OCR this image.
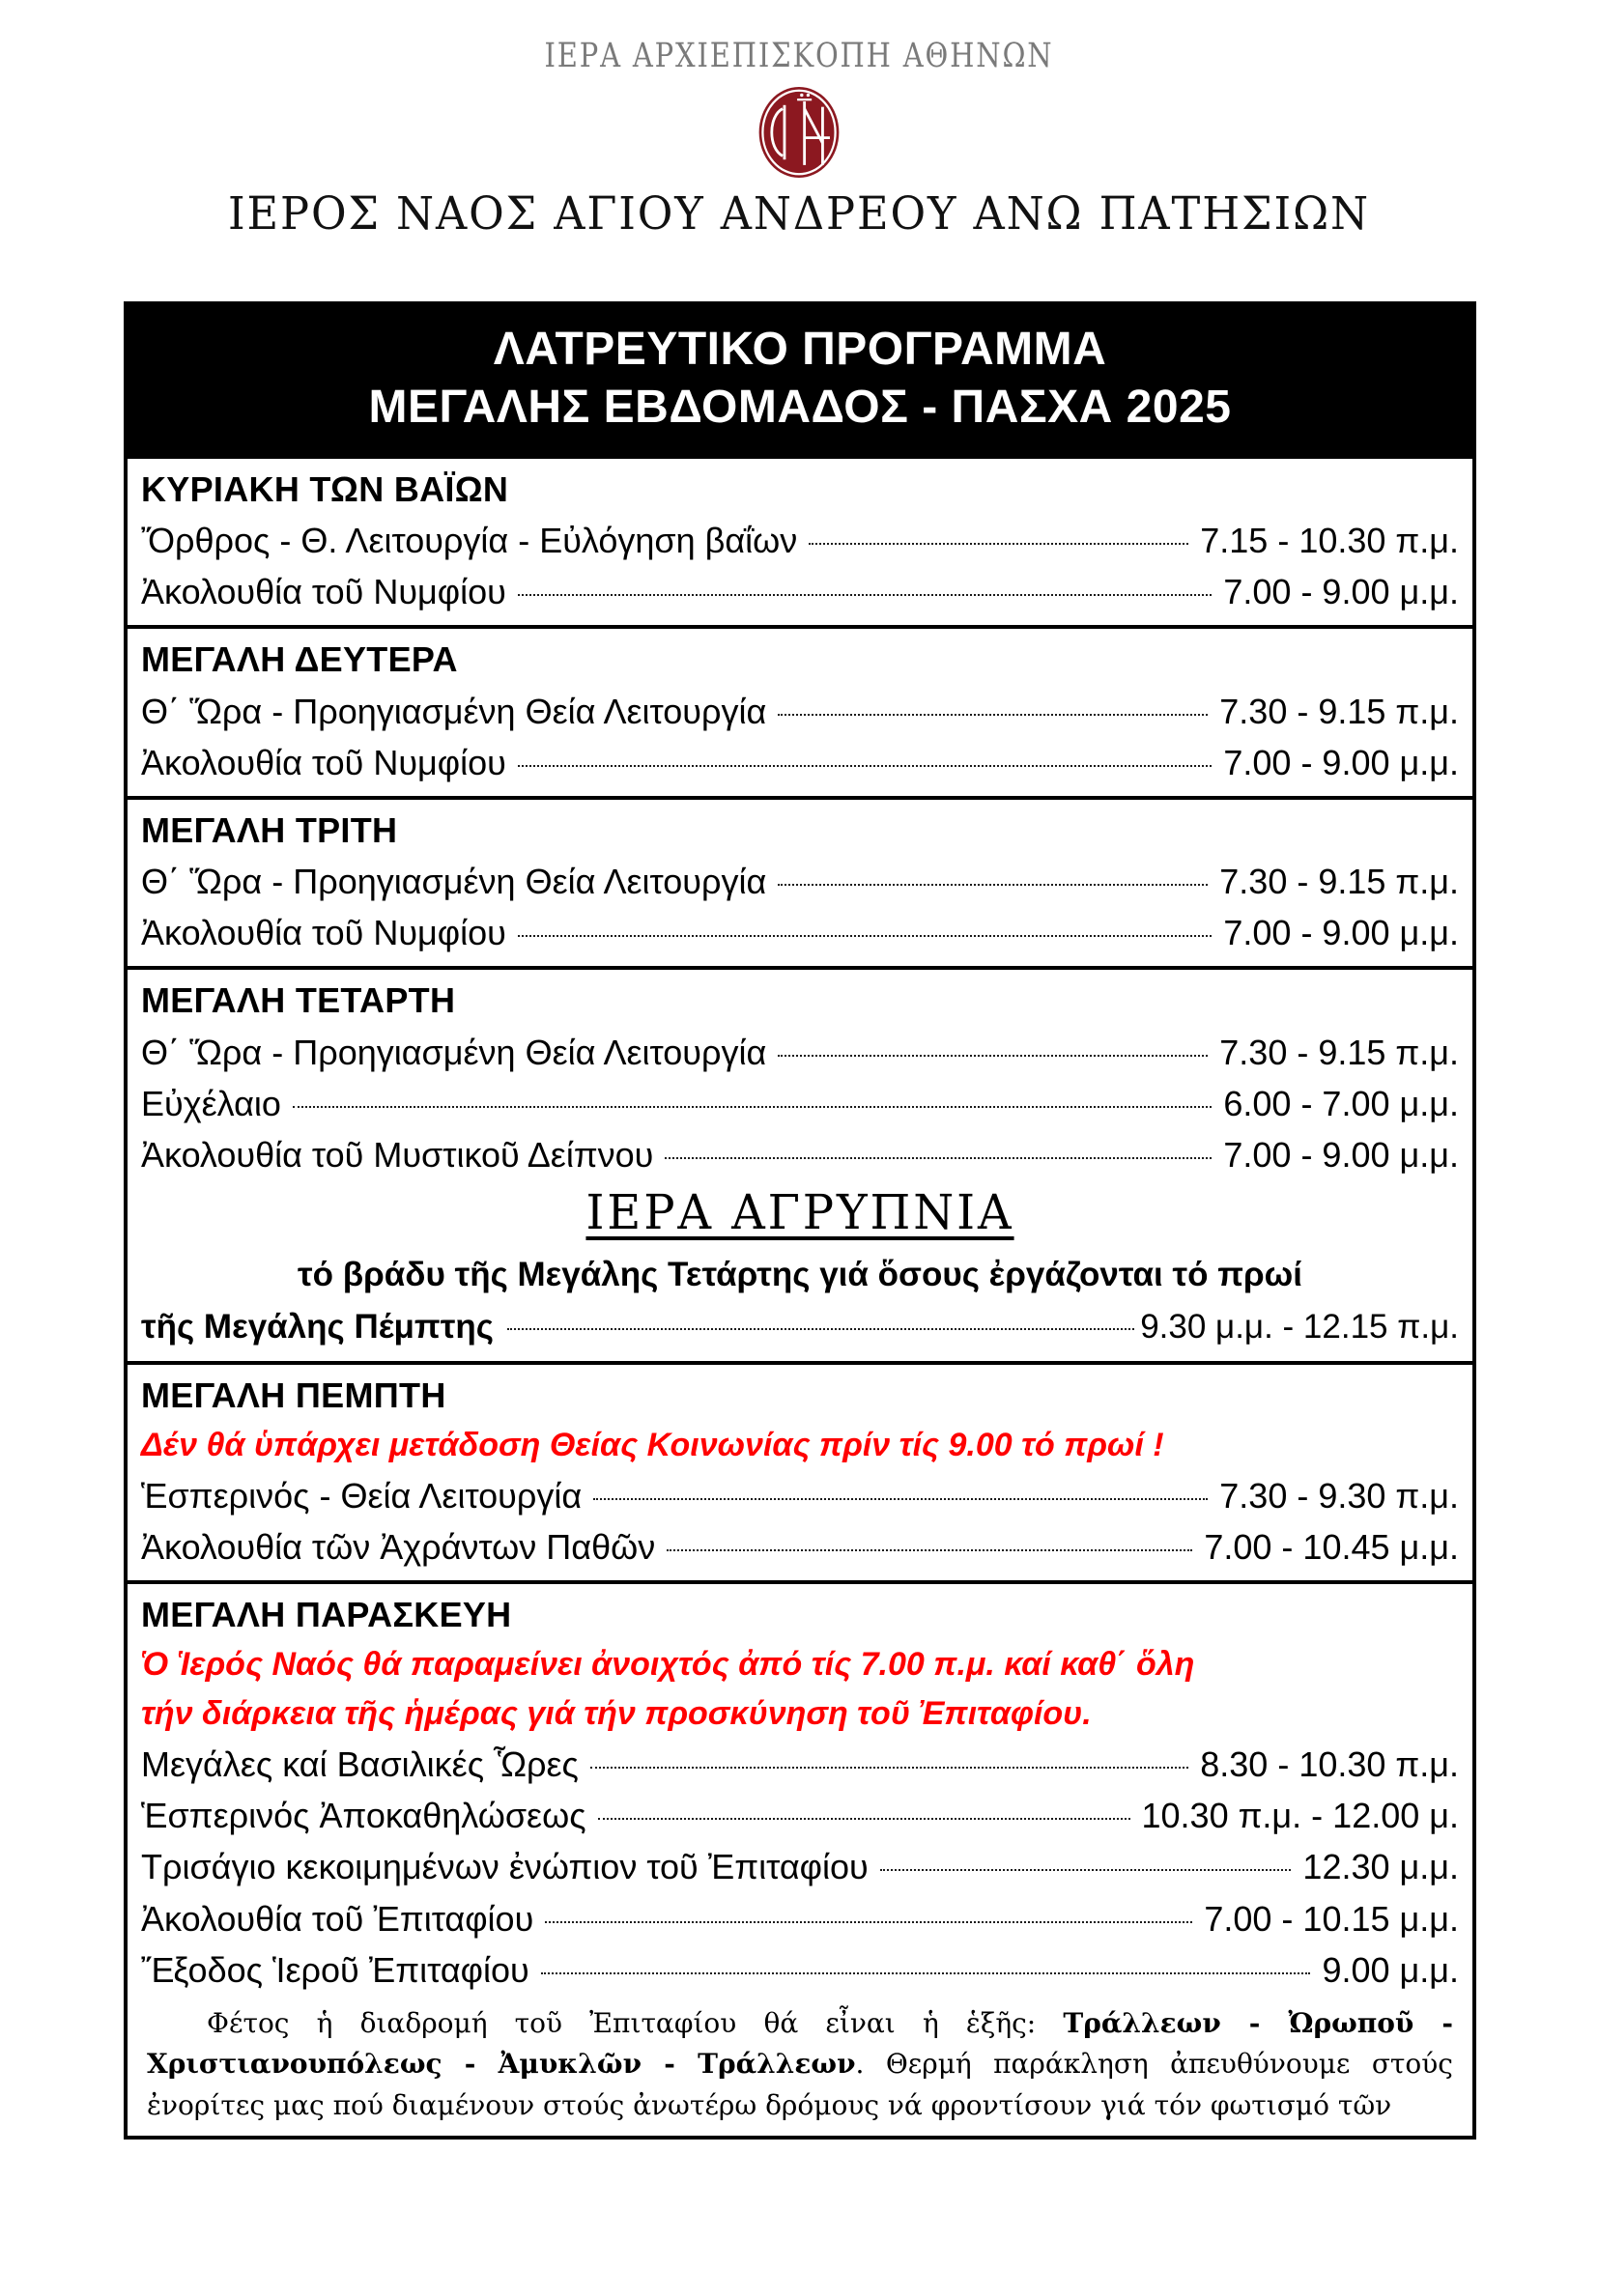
ΙΕΡΑ ΑΡΧΙΕΠΙΣΚΟΠΗ ΑΘΗΝΩΝ
ΙΕΡΟΣ ΝΑΟΣ ΑΓΙΟΥ ΑΝΔΡΕΟΥ ΑΝΩ ΠΑΤΗΣΙΩΝ
ΛΑΤΡΕΥΤΙΚΟ ΠΡΟΓΡΑΜΜΑ
ΜΕΓΑΛΗΣ ΕΒΔΟΜΑΔΟΣ - ΠΑΣΧΑ 2025
ΚΥΡΙΑΚΗ ΤΩΝ ΒΑΪΩΝ
Ὄρθρος - Θ. Λειτουργία - Εὐλόγηση βαΐων	7.15 - 10.30 π.μ.
Ἀκολουθία τοῦ Νυμφίου	7.00 - 9.00 μ.μ.
ΜΕΓΑΛΗ ΔΕΥΤΕΡΑ
Θ΄ Ὥρα - Προηγιασμένη Θεία Λειτουργία	7.30 - 9.15 π.μ.
Ἀκολουθία τοῦ Νυμφίου	7.00 - 9.00 μ.μ.
ΜΕΓΑΛΗ ΤΡΙΤΗ
Θ΄ Ὥρα - Προηγιασμένη Θεία Λειτουργία	7.30 - 9.15 π.μ.
Ἀκολουθία τοῦ Νυμφίου	7.00 - 9.00 μ.μ.
ΜΕΓΑΛΗ ΤΕΤΑΡΤΗ
Θ΄ Ὥρα - Προηγιασμένη Θεία Λειτουργία	7.30 - 9.15 π.μ.
Εὐχέλαιο	6.00 - 7.00 μ.μ.
Ἀκολουθία τοῦ Μυστικοῦ Δείπνου	7.00 - 9.00 μ.μ.
ΙΕΡΑ ΑΓΡΥΠΝΙΑ
τό βράδυ τῆς Μεγάλης Τετάρτης γιά ὅσους ἐργάζονται τό πρωί
τῆς Μεγάλης Πέμπτης	9.30 μ.μ. - 12.15 π.μ.
ΜΕΓΑΛΗ ΠΕΜΠΤΗ
Δέν θά ὑπάρχει μετάδοση Θείας Κοινωνίας πρίν τίς 9.00 τό πρωί !
Ἑσπερινός - Θεία Λειτουργία	7.30 - 9.30 π.μ.
Ἀκολουθία τῶν Ἀχράντων Παθῶν	7.00 - 10.45 μ.μ.
ΜΕΓΑΛΗ ΠΑΡΑΣΚΕΥΗ
Ὁ Ἱερός Ναός θά παραμείνει ἀνοιχτός ἀπό τίς 7.00 π.μ. καί καθ΄ ὅλη
τήν διάρκεια τῆς ἡμέρας γιά τήν προσκύνηση τοῦ Ἐπιταφίου.
Μεγάλες καί Βασιλικές Ὧρες	8.30 - 10.30 π.μ.
Ἑσπερινός Ἀποκαθηλώσεως	10.30 π.μ. - 12.00 μ.
Τρισάγιο κεκοιμημένων ἐνώπιον τοῦ Ἐπιταφίου	12.30 μ.μ.
Ἀκολουθία τοῦ Ἐπιταφίου	7.00 - 10.15 μ.μ.
Ἔξοδος Ἱεροῦ Ἐπιταφίου	9.00 μ.μ.
Φέτος ἡ διαδρομή τοῦ Ἐπιταφίου θά εἶναι ἡ ἑξῆς: Τράλλεων - Ὠρωποῦ - Χριστιανουπόλεως - Ἀμυκλῶν - Τράλλεων. Θερμή παράκληση ἀπευθύνουμε στούς ἐνορίτες μας πού διαμένουν στούς ἀνωτέρω δρόμους νά φροντίσουν γιά τόν φωτισμό τῶν
